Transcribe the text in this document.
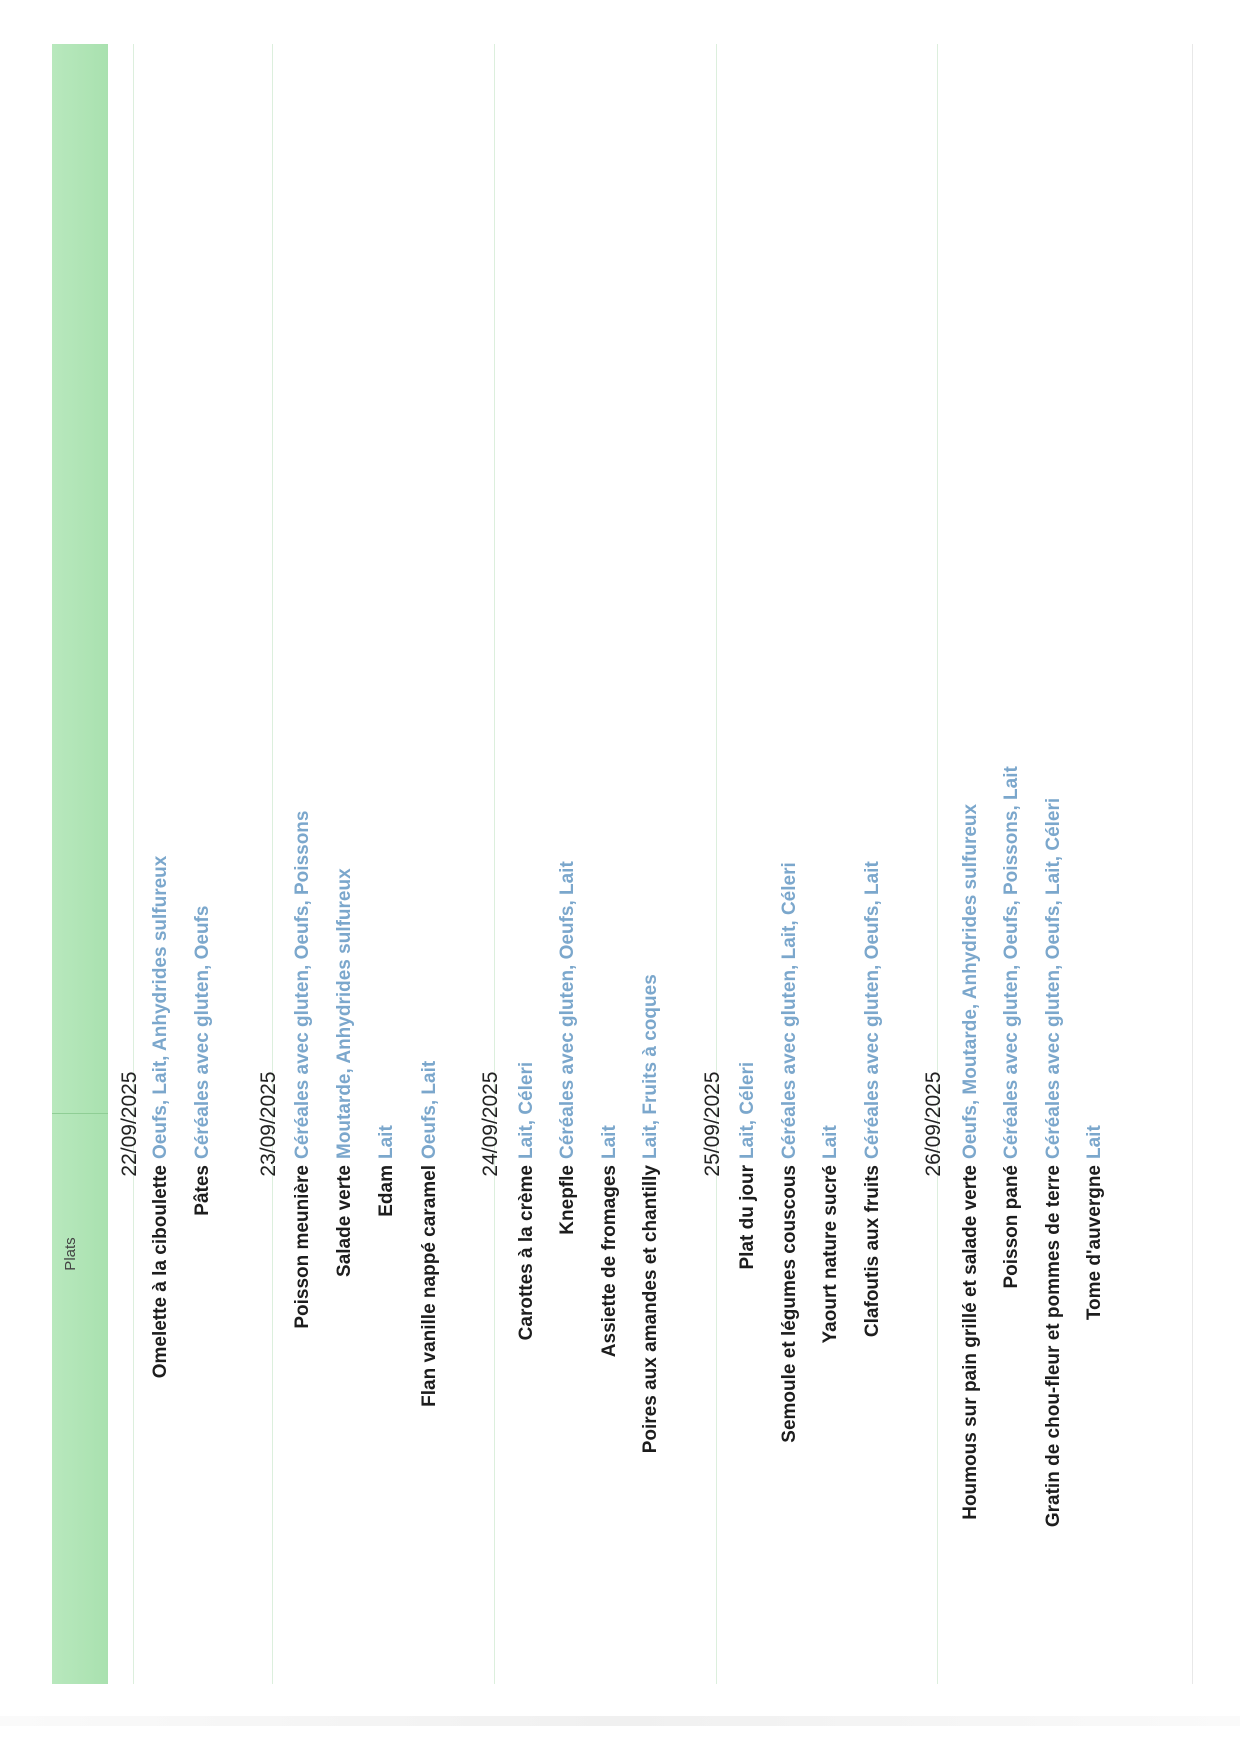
Plats
22/09/2025
Omelette à la ciboulette
Oeufs, Lait, Anhydrides sulfureux
Pâtes
Céréales avec gluten, Oeufs 23/09/2025
Poisson meunière
Céréales avec gluten, Oeufs, Poissons
Salade verte
Moutarde, Anhydrides sulfureux
Edam
Lait
Flan vanille nappé caramel
Oeufs, Lait 24/09/2025
Carottes à la crème
Lait, Céleri
Knepfle
Céréales avec gluten, Oeufs, Lait
Assiette de fromages
Lait
Poires aux amandes et chantilly
Lait, Fruits à coques 25/09/2025
Plat du jour
Lait, Céleri
Semoule et légumes couscous
Céréales avec gluten, Lait, Céleri
Yaourt nature sucré
Lait
Clafoutis aux fruits
Céréales avec gluten, Oeufs, Lait 26/09/2025
Houmous sur pain grillé et salade verte
Oeufs, Moutarde, Anhydrides sulfureux
Poisson pané
Céréales avec gluten, Oeufs, Poissons, Lait
Gratin de chou-fleur et pommes de terre
Céréales avec gluten, Oeufs, Lait, Céleri
Tome d'auvergne
Lait
